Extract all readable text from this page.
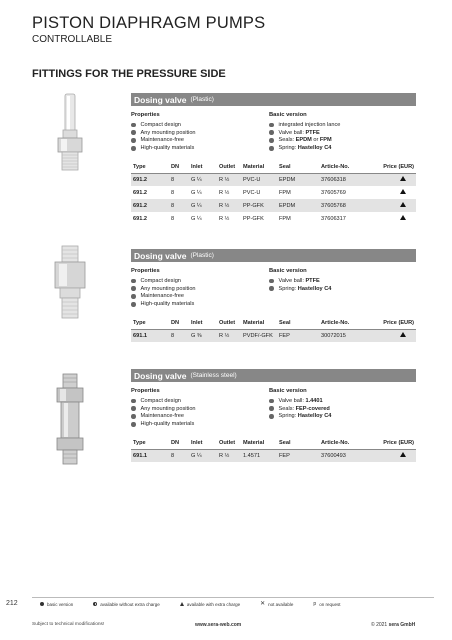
PISTON DIAPHRAGM PUMPS
CONTROLLABLE
FITTINGS FOR THE PRESSURE SIDE
Dosing valve (Plastic)
Properties
Compact design
Any mounting position
Maintenance-free
High-quality materials
Basic version
integrated injection lance
Valve ball: PTFE
Seals: EPDM or FPM
Spring: Hastelloy C4
Type	DN	Inlet	Outlet	Material	Seal	Article-No.	Price (EUR)
691.2	8	G ¼	R ½	PVC-U	EPDM	37606318	
691.2	8	G ¼	R ½	PVC-U	FPM	37605769	
691.2	8	G ¼	R ½	PP-GFK	EPDM	37605768	
691.2	8	G ¼	R ½	PP-GFK	FPM	37606317	
Dosing valve (Plastic)
Properties
Compact design
Any mounting position
Maintenance-free
High-quality materials
Basic version
Valve ball: PTFE
Spring: Hastelloy C4
Type	DN	Inlet	Outlet	Material	Seal	Article-No.	Price (EUR)
691.1	8	G ⅜	R ½	PVDF/-GFK	FEP	30072015	
Dosing valve (Stainless steel)
Properties
Compact design
Any mounting position
Maintenance-free
High-quality materials
Basic version
Valve ball: 1.4401
Seals: FEP-covered
Spring: Hastelloy C4
Type	DN	Inlet	Outlet	Material	Seal	Article-No.	Price (EUR)
691.1	8	G ¼	R ½	1.4571	FEP	37600493	
212	basic version	available without extra charge	available with extra charge	✕ not available	p on request
Subject to technical modifications!	www.sera-web.com	© 2021 sera GmbH
